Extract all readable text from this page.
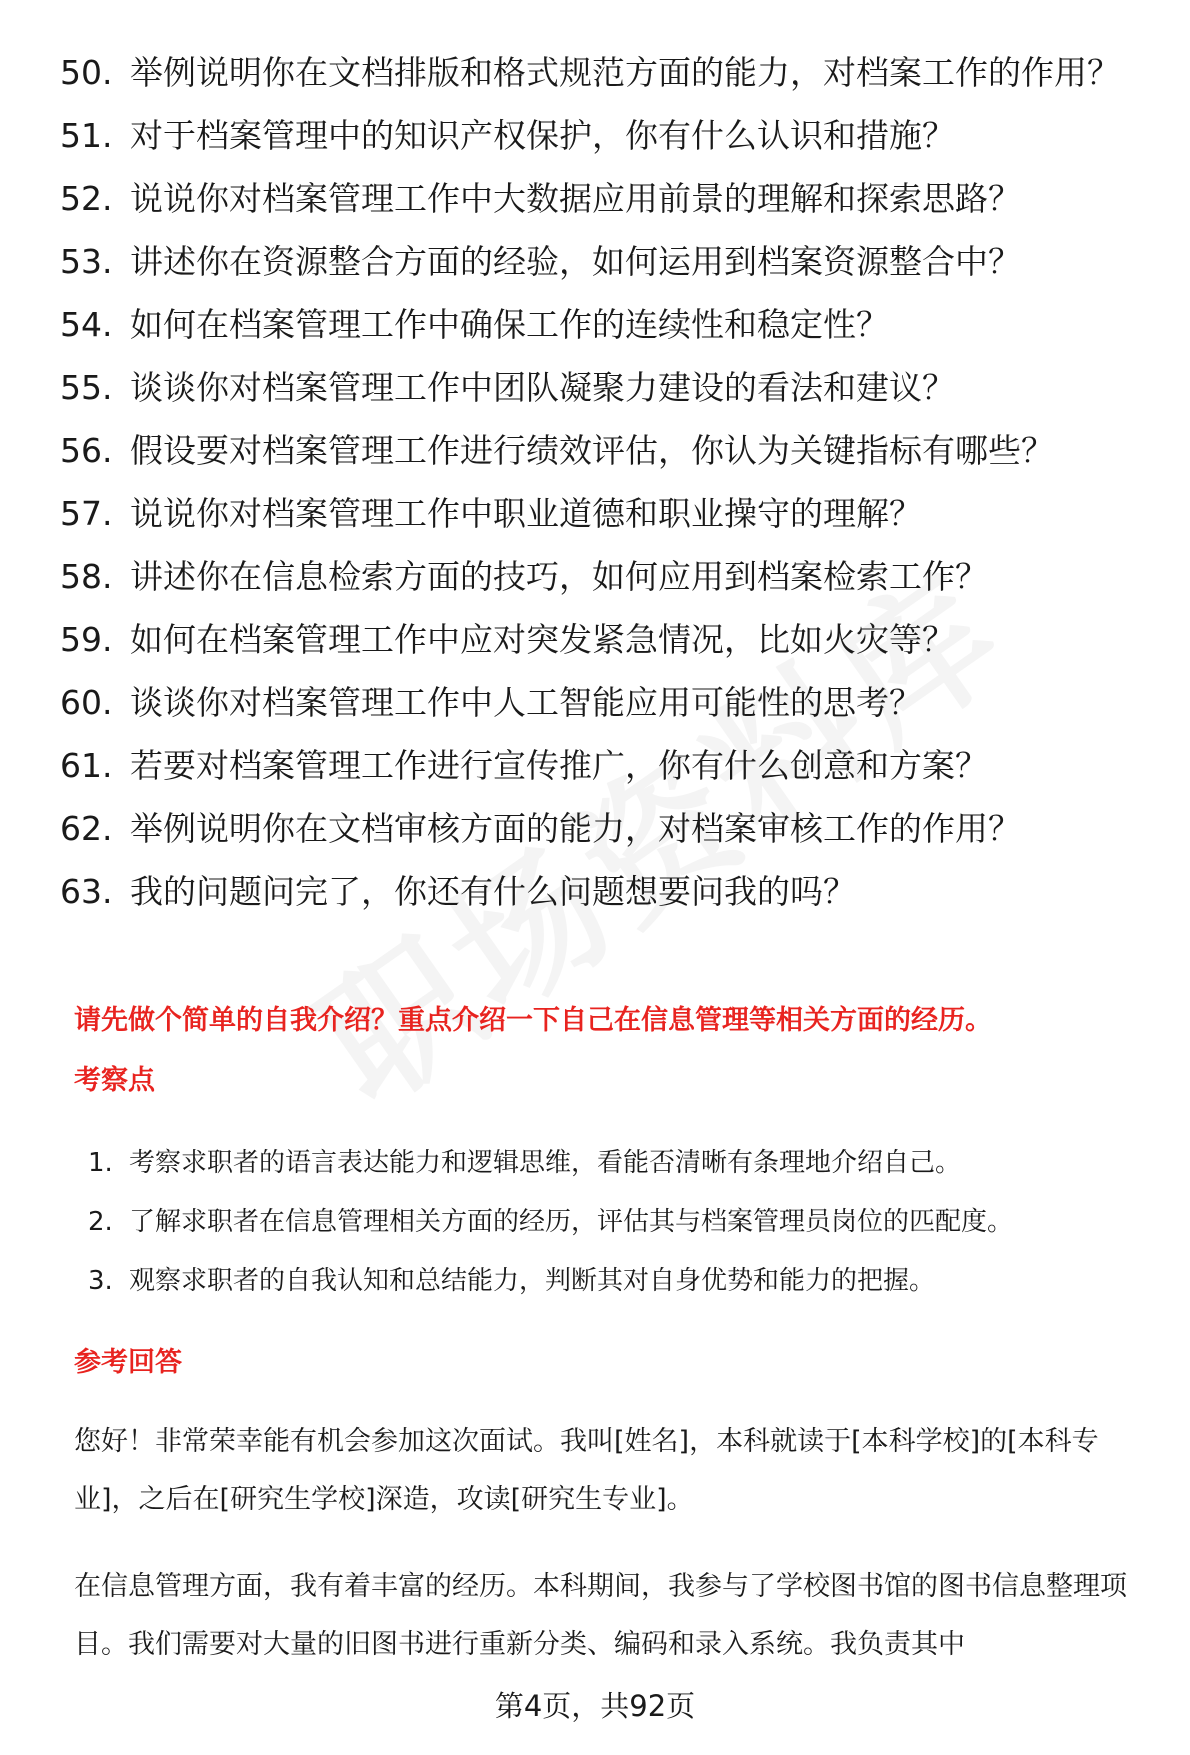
50. 举例说明你在文档排版和格式规范方面的能力，对档案工作的作用？
51. 对于档案管理中的知识产权保护，你有什么认识和措施？
52. 说说你对档案管理工作中大数据应用前景的理解和探索思路？
53. 讲述你在资源整合方面的经验，如何运用到档案资源整合中？
54. 如何在档案管理工作中确保工作的连续性和稳定性？
55. 谈谈你对档案管理工作中团队凝聚力建设的看法和建议？
56. 假设要对档案管理工作进行绩效评估，你认为关键指标有哪些？
57. 说说你对档案管理工作中职业道德和职业操守的理解？
58. 讲述你在信息检索方面的技巧，如何应用到档案检索工作？
59. 如何在档案管理工作中应对突发紧急情况，比如火灾等？
60. 谈谈你对档案管理工作中人工智能应用可能性的思考？
61. 若要对档案管理工作进行宣传推广，你有什么创意和方案？
62. 举例说明你在文档审核方面的能力，对档案审核工作的作用？
63. 我的问题问完了，你还有什么问题想要问我的吗？
请先做个简单的自我介绍？重点介绍一下自己在信息管理等相关方面的经历。
考察点
1. 考察求职者的语言表达能力和逻辑思维，看能否清晰有条理地介绍自己。
2. 了解求职者在信息管理相关方面的经历，评估其与档案管理员岗位的匹配度。
3. 观察求职者的自我认知和总结能力，判断其对自身优势和能力的把握。
参考回答

您好！非常荣幸能有机会参加这次面试。我叫[姓名]，本科就读于[本科学校]的[本科专业]，之后在[研究生学校]深造，攻读[研究生专业]。

在信息管理方面，我有着丰富的经历。本科期间，我参与了学校图书馆的图书信息整理项目。我们需要对大量的旧图书进行重新分类、编码和录入系统。我负责其中

第4页，共92页
